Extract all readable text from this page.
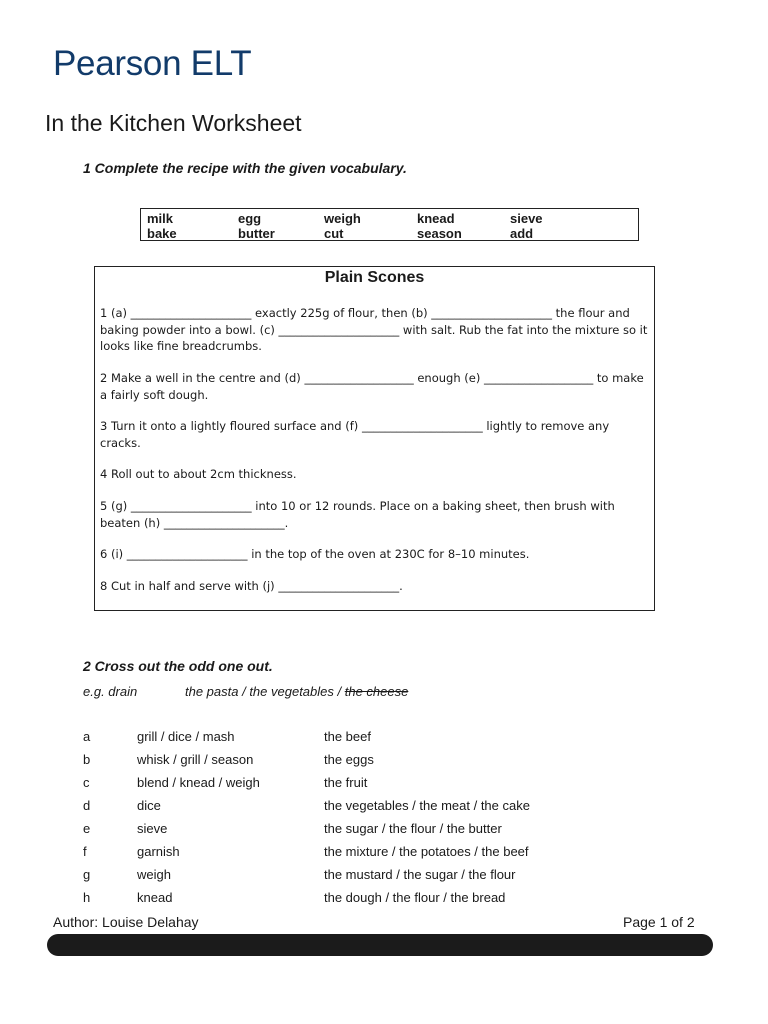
Pearson ELT
In the Kitchen Worksheet
1 Complete the recipe with the given vocabulary.
milk	egg	weigh	knead	sieve
bake	butter	cut	season	add
Plain Scones
1 (a) _____________________ exactly 225g of flour, then (b) _____________________ the flour and baking powder into a bowl. (c) _____________________ with salt. Rub the fat into the mixture so it looks like fine breadcrumbs.
2 Make a well in the centre and (d) ___________________ enough (e) ___________________ to make a fairly soft dough.
3 Turn it onto a lightly floured surface and (f) _____________________ lightly to remove any cracks.
4 Roll out to about 2cm thickness.
5 (g) _____________________ into 10 or 12 rounds. Place on a baking sheet, then brush with beaten (h) _____________________.
6 (i) _____________________ in the top of the oven at 230C for 8–10 minutes.
8 Cut in half and serve with (j) _____________________.
2 Cross out the odd one out.
e.g. drain	the pasta / the vegetables / the cheese
a	grill / dice / mash	the beef
b	whisk / grill / season	the eggs
c	blend / knead / weigh	the fruit
d	dice	the vegetables / the meat / the cake
e	sieve	the sugar / the flour / the butter
f	garnish	the mixture / the potatoes / the beef
g	weigh	the mustard / the sugar / the flour
h	knead	the dough / the flour / the bread
Author: Louise Delahay	Page 1 of 2
